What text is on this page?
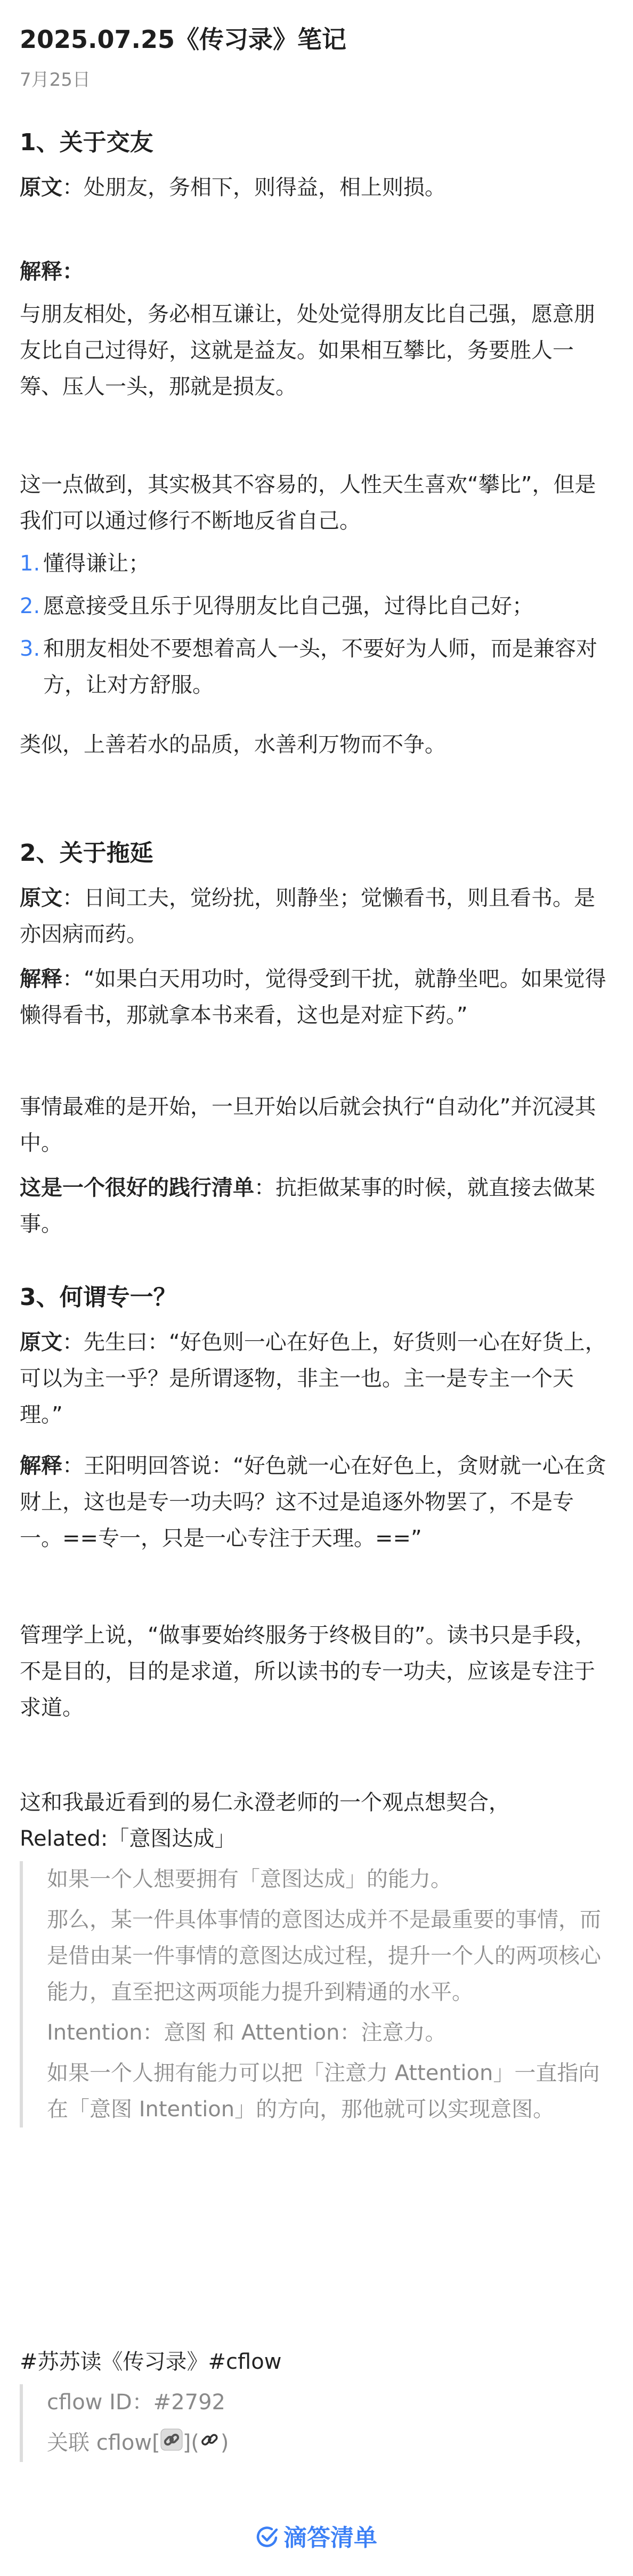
2025.07.25《传习录》笔记
7月25日
1、关于交友

原文：处朋友，务相下，则得益，相上则损。

解释：

与朋友相处，务必相互谦让，处处觉得朋友比自己强，愿意朋友比自己过得好，这就是益友。如果相互攀比，务要胜人一筹、压人一头，那就是损友。

这一点做到，其实极其不容易的，人性天生喜欢“攀比”，但是我们可以通过修行不断地反省自己。

1. 懂得谦让；
2. 愿意接受且乐于见得朋友比自己强，过得比自己好；
3. 和朋友相处不要想着高人一头，不要好为人师，而是兼容对方，让对方舒服。

类似，上善若水的品质，水善利万物而不争。

2、关于拖延

原文：日间工夫，觉纷扰，则静坐；觉懒看书，则且看书。是亦因病而药。

解释：“如果白天用功时，觉得受到干扰，就静坐吧。如果觉得懒得看书，那就拿本书来看，这也是对症下药。”

事情最难的是开始，一旦开始以后就会执行“自动化”并沉浸其中。

这是一个很好的践行清单：抗拒做某事的时候，就直接去做某事。

3、何谓专一？

原文：先生曰：“好色则一心在好色上，好货则一心在好货上，可以为主一乎？是所谓逐物，非主一也。主一是专主一个天理。”

解释：王阳明回答说：“好色就一心在好色上，贪财就一心在贪财上，这也是专一功夫吗？这不过是追逐外物罢了，不是专一。==专一，只是一心专注于天理。==”

管理学上说，“做事要始终服务于终极目的”。读书只是手段，不是目的，目的是求道，所以读书的专一功夫，应该是专注于求道。

这和我最近看到的易仁永澄老师的一个观点想契合，

Related:「意图达成」

如果一个人想要拥有「意图达成」的能力。
那么，某一件具体事情的意图达成并不是最重要的事情，而是借由某一件事情的意图达成过程，提升一个人的两项核心能力，直至把这两项能力提升到精通的水平。
Intention：意图 和 Attention：注意力。
如果一个人拥有能力可以把「注意力 Attention」一直指向在「意图 Intention」的方向，那他就可以实现意图。

#苏苏读《传习录》#cflow

cflow ID：#2792
关联 cflow[ ]( )
滴答清单
